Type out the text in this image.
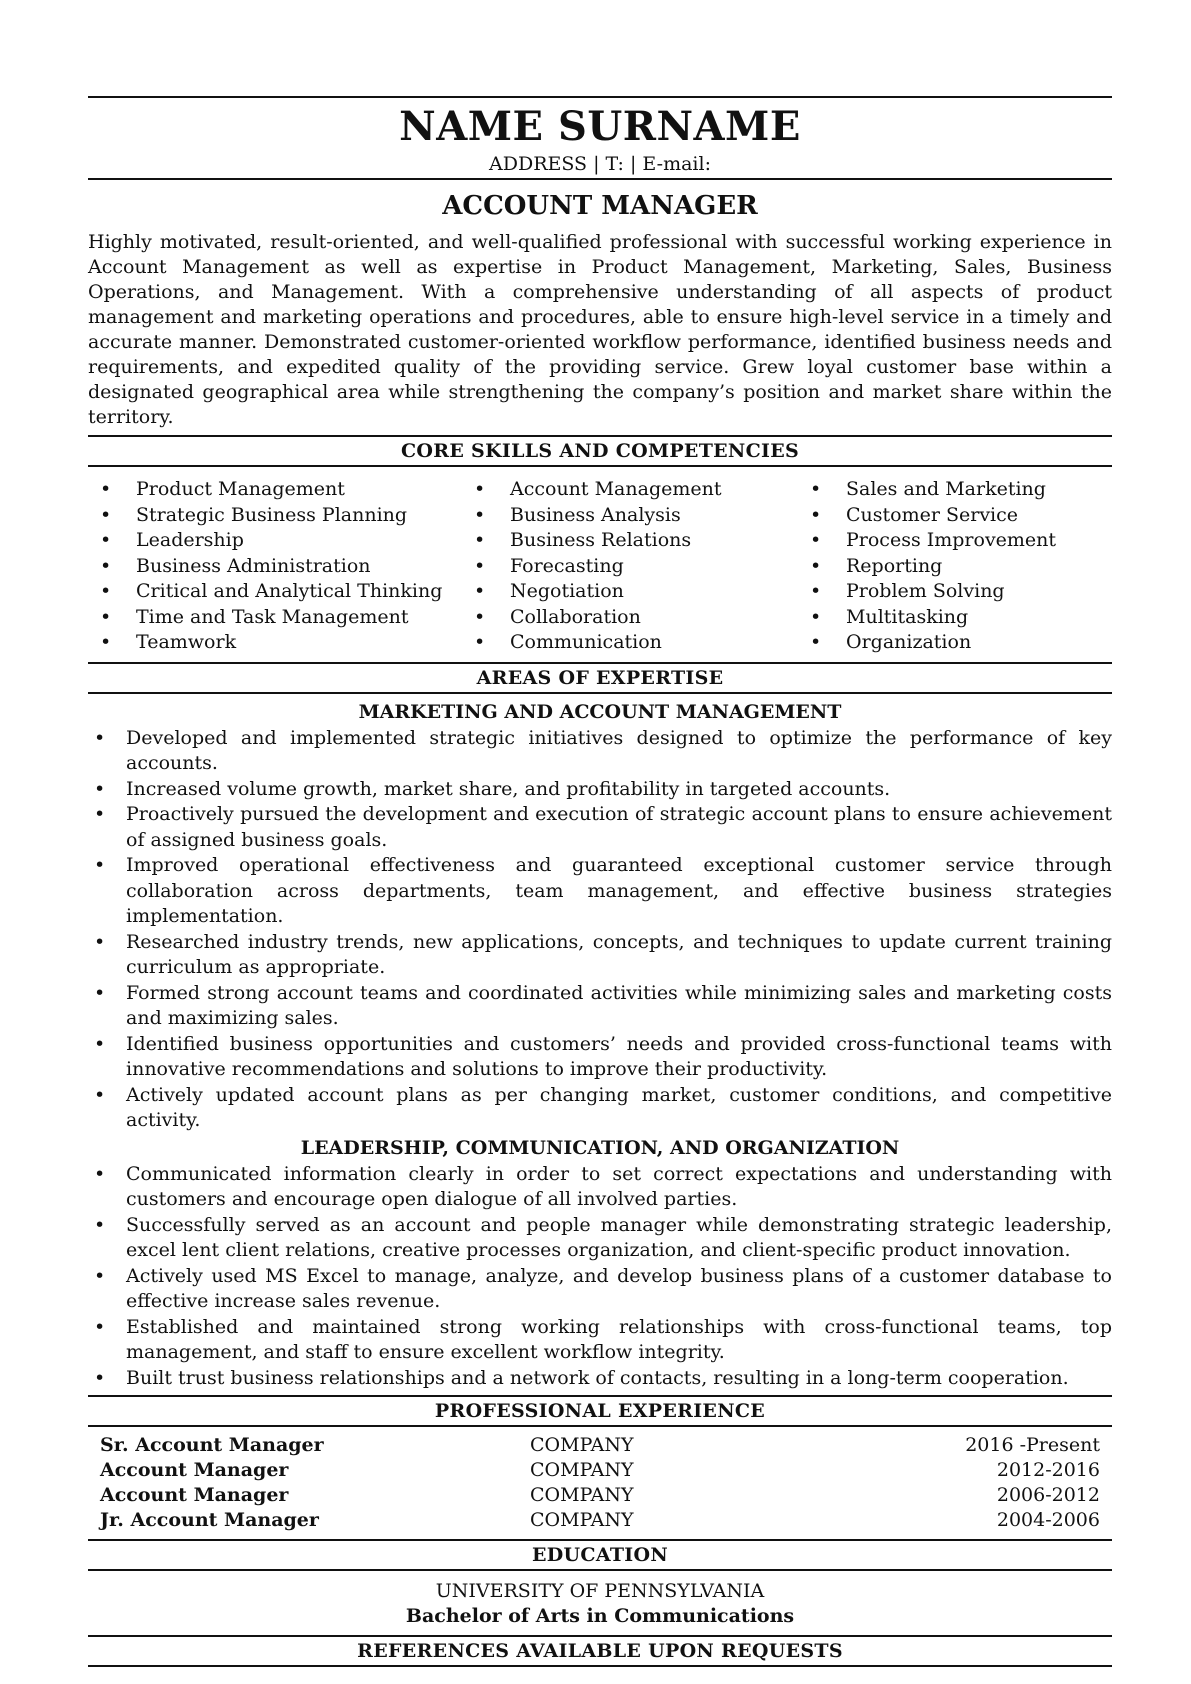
NAME SURNAME
ADDRESS | T: | E-mail:
ACCOUNT MANAGER
Highly motivated, result-oriented, and well-qualified professional with successful working experience in Account Management as well as expertise in Product Management, Marketing, Sales, Business Operations, and Management. With a comprehensive understanding of all aspects of product management and marketing operations and procedures, able to ensure high-level service in a timely and accurate manner. Demonstrated customer-oriented workflow performance, identified business needs and requirements, and expedited quality of the providing service. Grew loyal customer base within a designated geographical area while strengthening the company’s position and market share within the territory.
CORE SKILLS AND COMPETENCIES
• Product Management
• Strategic Business Planning
• Leadership
• Business Administration
• Critical and Analytical Thinking
• Time and Task Management
• Teamwork
• Account Management
• Business Analysis
• Business Relations
• Forecasting
• Negotiation
• Collaboration
• Communication
• Sales and Marketing
• Customer Service
• Process Improvement
• Reporting
• Problem Solving
• Multitasking
• Organization
AREAS OF EXPERTISE
MARKETING AND ACCOUNT MANAGEMENT
• Developed and implemented strategic initiatives designed to optimize the performance of key accounts.
• Increased volume growth, market share, and profitability in targeted accounts.
• Proactively pursued the development and execution of strategic account plans to ensure achievement of assigned business goals.
• Improved operational effectiveness and guaranteed exceptional customer service through collaboration across departments, team management, and effective business strategies implementation.
• Researched industry trends, new applications, concepts, and techniques to update current training curriculum as appropriate.
• Formed strong account teams and coordinated activities while minimizing sales and marketing costs and maximizing sales.
• Identified business opportunities and customers’ needs and provided cross-functional teams with innovative recommendations and solutions to improve their productivity.
• Actively updated account plans as per changing market, customer conditions, and competitive activity.
LEADERSHIP, COMMUNICATION, AND ORGANIZATION
• Communicated information clearly in order to set correct expectations and understanding with customers and encourage open dialogue of all involved parties.
• Successfully served as an account and people manager while demonstrating strategic leadership, excel lent client relations, creative processes organization, and client-specific product innovation.
• Actively used MS Excel to manage, analyze, and develop business plans of a customer database to effective increase sales revenue.
• Established and maintained strong working relationships with cross-functional teams, top management, and staff to ensure excellent workflow integrity.
• Built trust business relationships and a network of contacts, resulting in a long-term cooperation.
PROFESSIONAL EXPERIENCE
Sr. Account Manager	COMPANY	2016 -Present
Account Manager	COMPANY	2012-2016
Account Manager	COMPANY	2006-2012
Jr. Account Manager	COMPANY	2004-2006
EDUCATION
UNIVERSITY OF PENNSYLVANIA
Bachelor of Arts in Communications
REFERENCES AVAILABLE UPON REQUESTS
